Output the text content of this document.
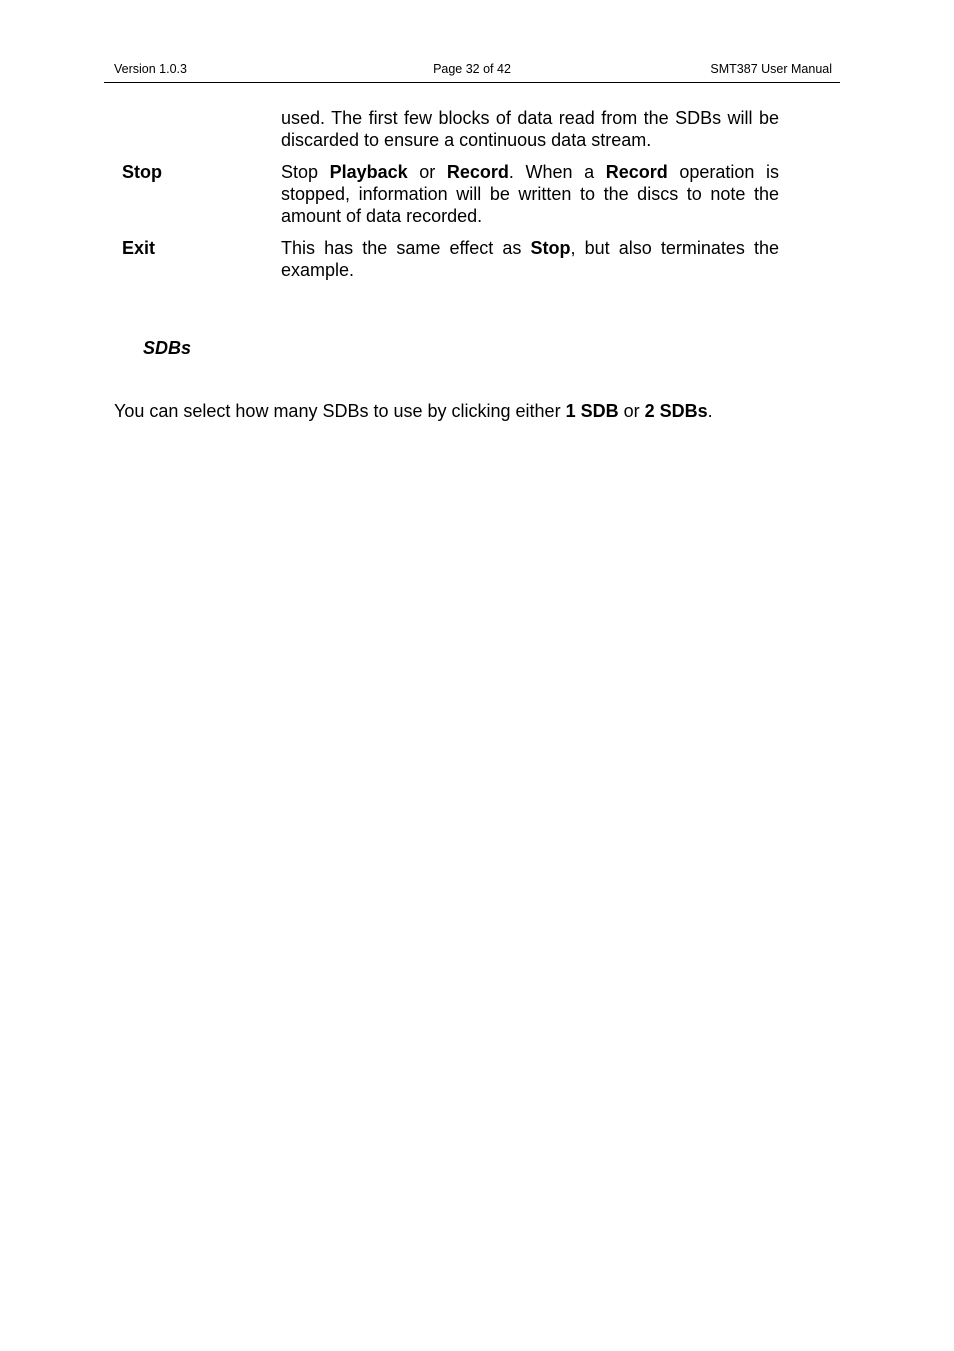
Version 1.0.3	Page 32 of 42	SMT387 User Manual
used. The first few blocks of data read from the SDBs will be discarded to ensure a continuous data stream.
Stop	Stop Playback or Record. When a Record operation is stopped, information will be written to the discs to note the amount of data recorded.
Exit	This has the same effect as Stop, but also terminates the example.
SDBs
You can select how many SDBs to use by clicking either 1 SDB or 2 SDBs.
